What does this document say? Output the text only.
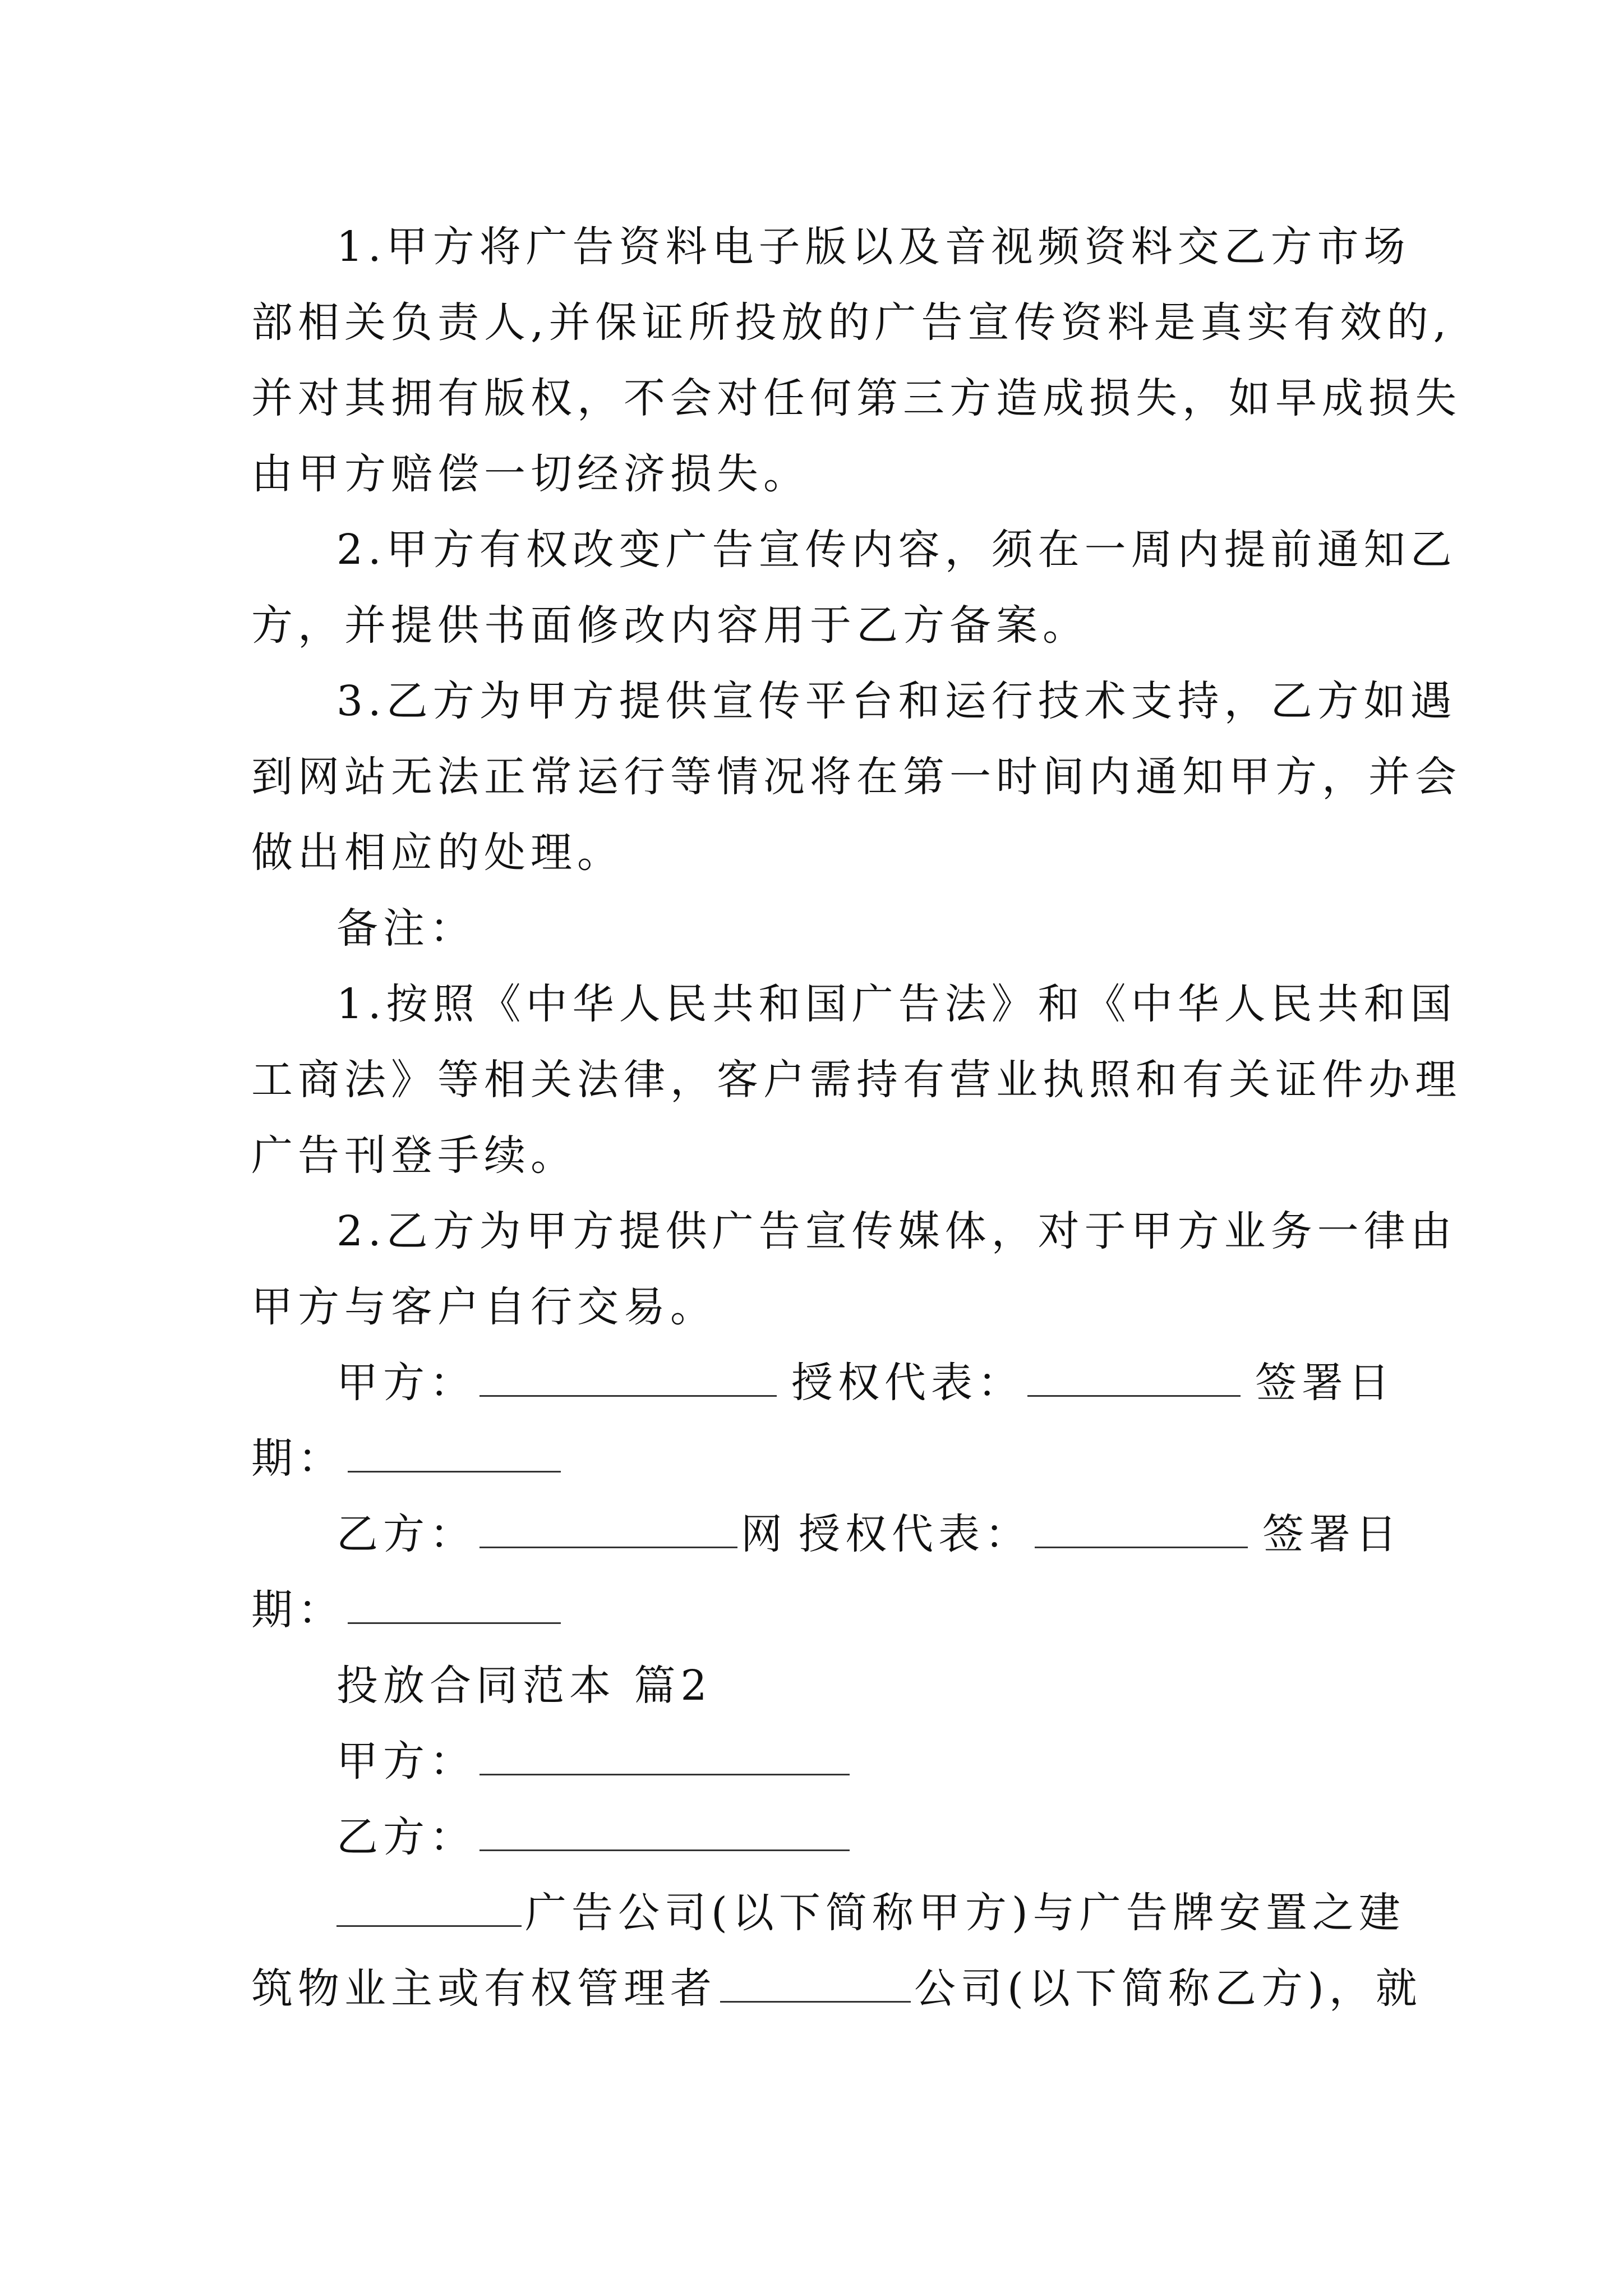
1.甲方将广告资料电子版以及音视频资料交乙方市场
部相关负责人,并保证所投放的广告宣传资料是真实有效的,
并对其拥有版权，不会对任何第三方造成损失，如早成损失
由甲方赔偿一切经济损失。
2.甲方有权改变广告宣传内容，须在一周内提前通知乙
方，并提供书面修改内容用于乙方备案。
3.乙方为甲方提供宣传平台和运行技术支持，乙方如遇
到网站无法正常运行等情况将在第一时间内通知甲方，并会
做出相应的处理。
备注：
1.按照《中华人民共和国广告法》和《中华人民共和国
工商法》等相关法律，客户需持有营业执照和有关证件办理
广告刊登手续。
2.乙方为甲方提供广告宣传媒体，对于甲方业务一律由
甲方与客户自行交易。
甲方：	授权代表：	签署日
期：
乙方：	网 授权代表：	签署日
期：
投放合同范本 篇2
甲方：
乙方：
广告公司(以下简称甲方)与广告牌安置之建
筑物业主或有权管理者	公司(以下简称乙方)，就
